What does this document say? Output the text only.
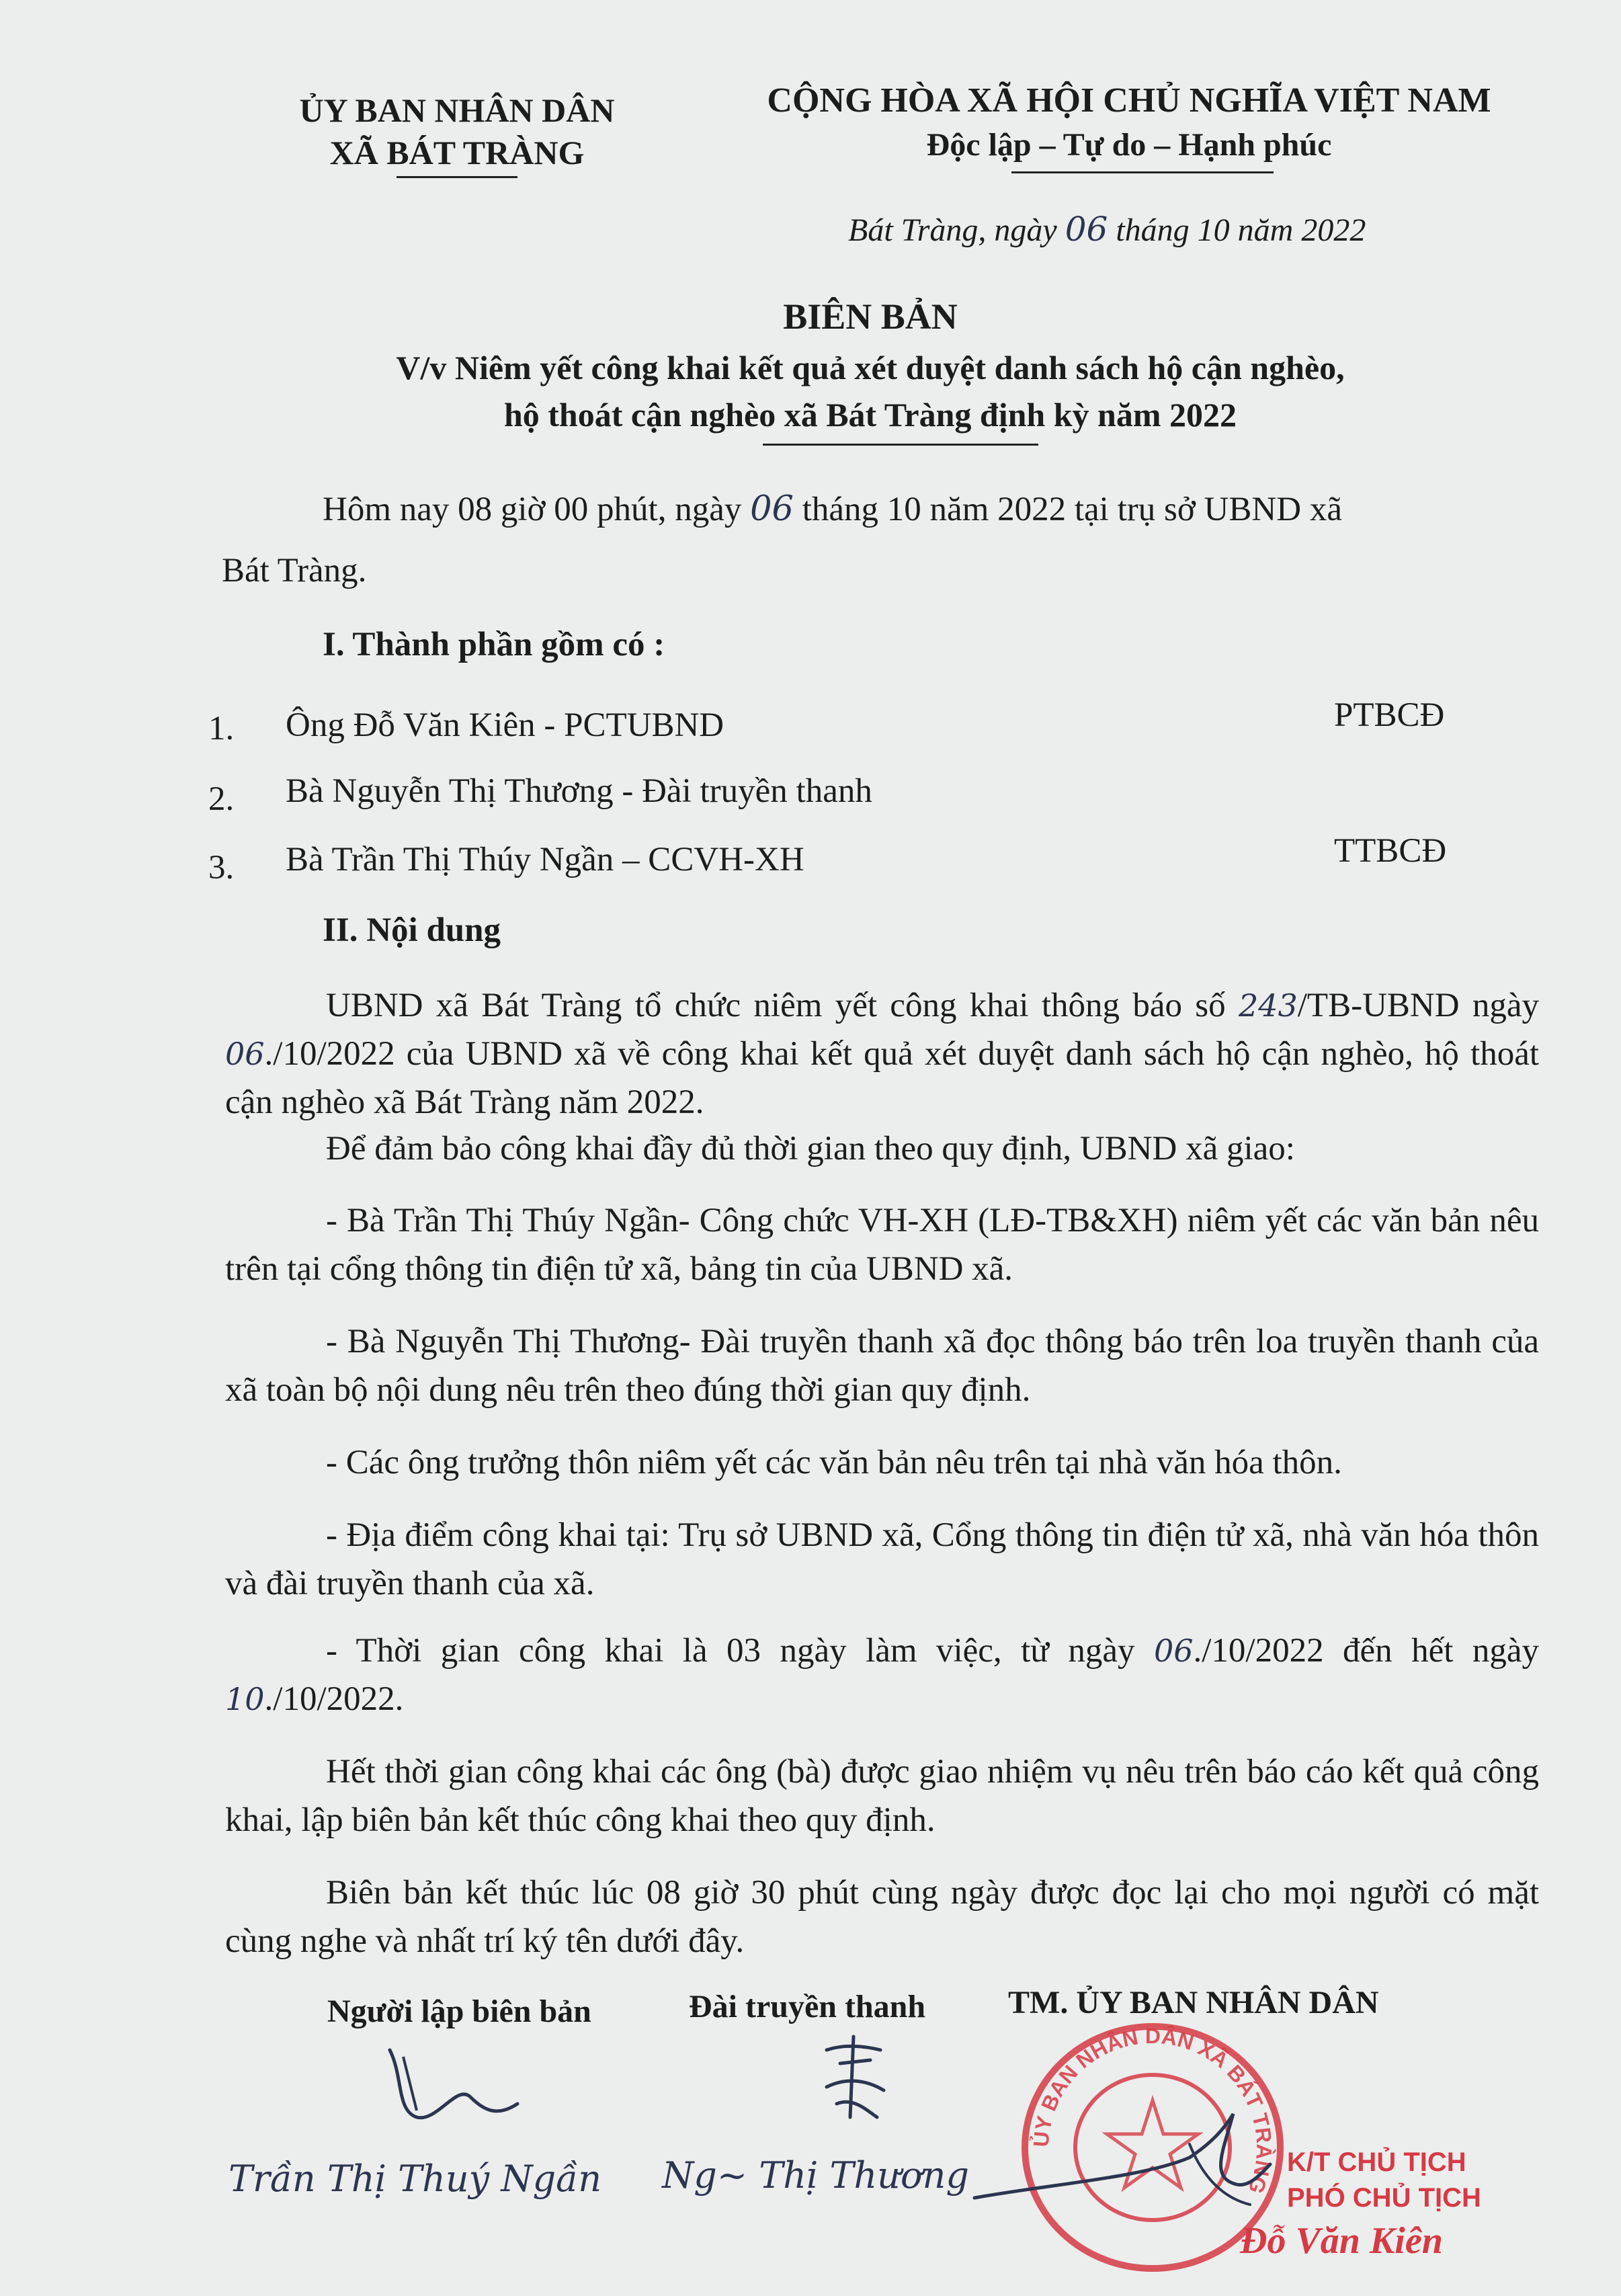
ỦY BAN NHÂN DÂN
XÃ BÁT TRÀNG
CỘNG HÒA XÃ HỘI CHỦ NGHĨA VIỆT NAM
Độc lập – Tự do – Hạnh phúc
Bát Tràng, ngày 06 tháng 10 năm 2022
BIÊN BẢN
V/v Niêm yết công khai kết quả xét duyệt danh sách hộ cận nghèo,
hộ thoát cận nghèo xã Bát Tràng định kỳ năm 2022
Hôm nay 08 giờ 00 phút, ngày 06 tháng 10 năm 2022 tại trụ sở UBND xã
Bát Tràng.
I. Thành phần gồm có :
1. Ông Đỗ Văn Kiên - PCTUBND	PTBCĐ
2. Bà Nguyễn Thị Thương - Đài truyền thanh
3. Bà Trần Thị Thúy Ngần – CCVH-XH	TTBCĐ
II. Nội dung
UBND xã Bát Tràng tổ chức niêm yết công khai thông báo số 243/TB-UBND ngày 06./10/2022 của UBND xã về công khai kết quả xét duyệt danh sách hộ cận nghèo, hộ thoát cận nghèo xã Bát Tràng năm 2022.
Để đảm bảo công khai đầy đủ thời gian theo quy định, UBND xã giao:
- Bà Trần Thị Thúy Ngần- Công chức VH-XH (LĐ-TB&XH) niêm yết các văn bản nêu trên tại cổng thông tin điện tử xã, bảng tin của UBND xã.
- Bà Nguyễn Thị Thương- Đài truyền thanh xã đọc thông báo trên loa truyền thanh của xã toàn bộ nội dung nêu trên theo đúng thời gian quy định.
- Các ông trưởng thôn niêm yết các văn bản nêu trên tại nhà văn hóa thôn.
- Địa điểm công khai tại: Trụ sở UBND xã, Cổng thông tin điện tử xã, nhà văn hóa thôn và đài truyền thanh của xã.
- Thời gian công khai là 03 ngày làm việc, từ ngày 06./10/2022 đến hết ngày 10./10/2022.
Hết thời gian công khai các ông (bà) được giao nhiệm vụ nêu trên báo cáo kết quả công khai, lập biên bản kết thúc công khai theo quy định.
Biên bản kết thúc lúc 08 giờ 30 phút cùng ngày được đọc lại cho mọi người có mặt cùng nghe và nhất trí ký tên dưới đây.
Người lập biên bản	Đài truyền thanh	TM. ỦY BAN NHÂN DÂN
ỦY BAN NHÂN DÂN XÃ BÁT TRÀNG
Trần Thị Thuý Ngần Ng~ Thị Thương	K/T CHỦ TỊCH
PHÓ CHỦ TỊCH
Đỗ Văn Kiên
